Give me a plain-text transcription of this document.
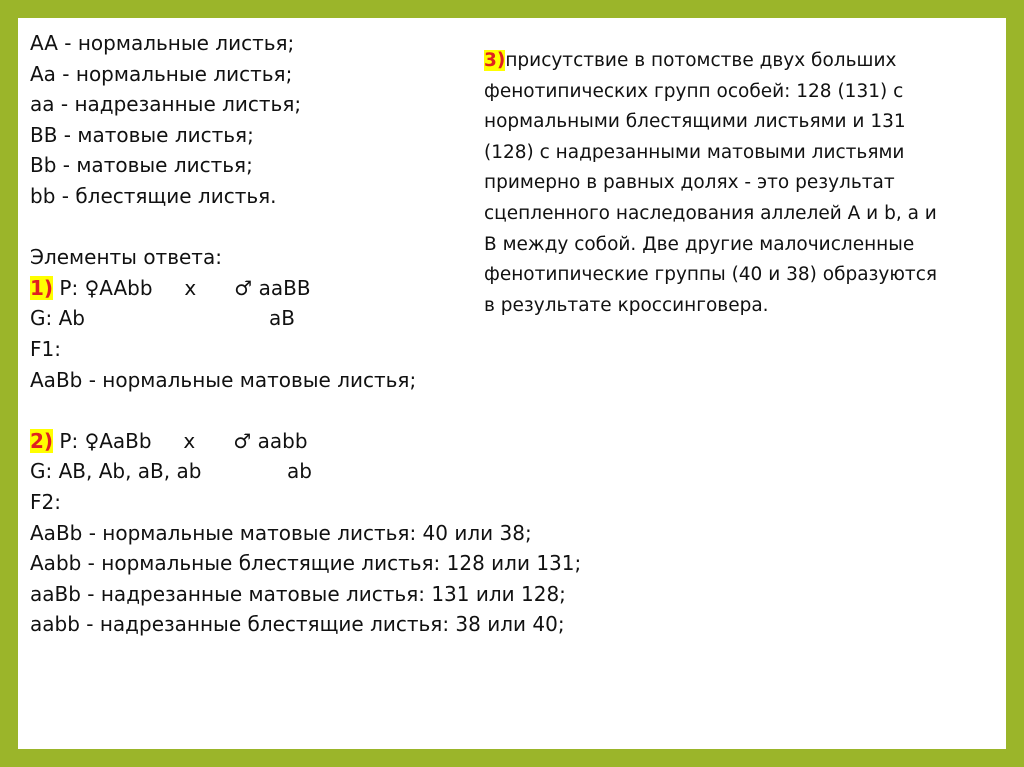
AA - нормальные листья;
Aa - нормальные листья;
aa - надрезанные листья;
BB - матовые листья;
Bb - матовые листья;
bb - блестящие листья.
Элементы ответа:
1) P: ♀AAbb     x      ♂ aaBB
G: Ab	aB
F1:
AaBb - нормальные матовые листья;
2) P: ♀AaBb     x      ♂ aabb
G: AB, Ab, aB, ab	ab
F2:
AaBb - нормальные матовые листья: 40 или 38;
Aabb - нормальные блестящие листья: 128 или 131;
aaBb - надрезанные матовые листья: 131 или 128;
aabb - надрезанные блестящие листья: 38 или 40;
3)присутствие в потомстве двух больших
фенотипических групп особей: 128 (131) с
нормальными блестящими листьями и 131
(128) с надрезанными матовыми листьями
примерно в равных долях - это результат
сцепленного наследования аллелей A и b, a и
B между собой. Две другие малочисленные
фенотипические группы (40 и 38) образуются
в результате кроссинговера.
